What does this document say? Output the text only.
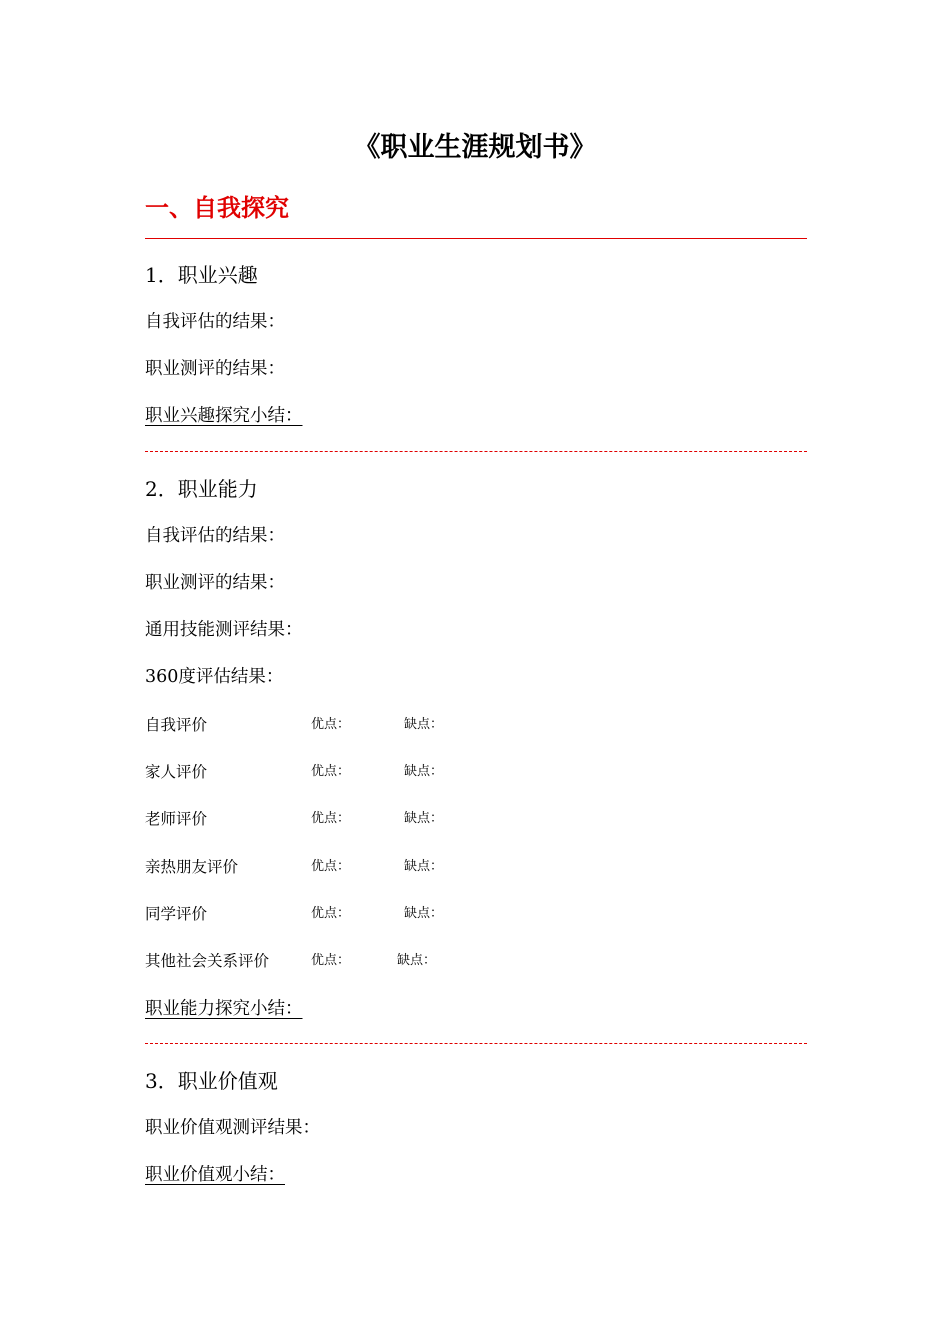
《职业生涯规划书》
一、自我探究
1．职业兴趣
自我评估的结果：
职业测评的结果：
职业兴趣探究小结：
2．职业能力
自我评估的结果：
职业测评的结果：
通用技能测评结果：
360度评估结果：
自我评价	优点：	缺点：
家人评价	优点：	缺点：
老师评价	优点：	缺点：
亲热朋友评价	优点：	缺点：
同学评价	优点：	缺点：
其他社会关系评价	优点：	缺点：
职业能力探究小结：
3．职业价值观
职业价值观测评结果：
职业价值观小结：
